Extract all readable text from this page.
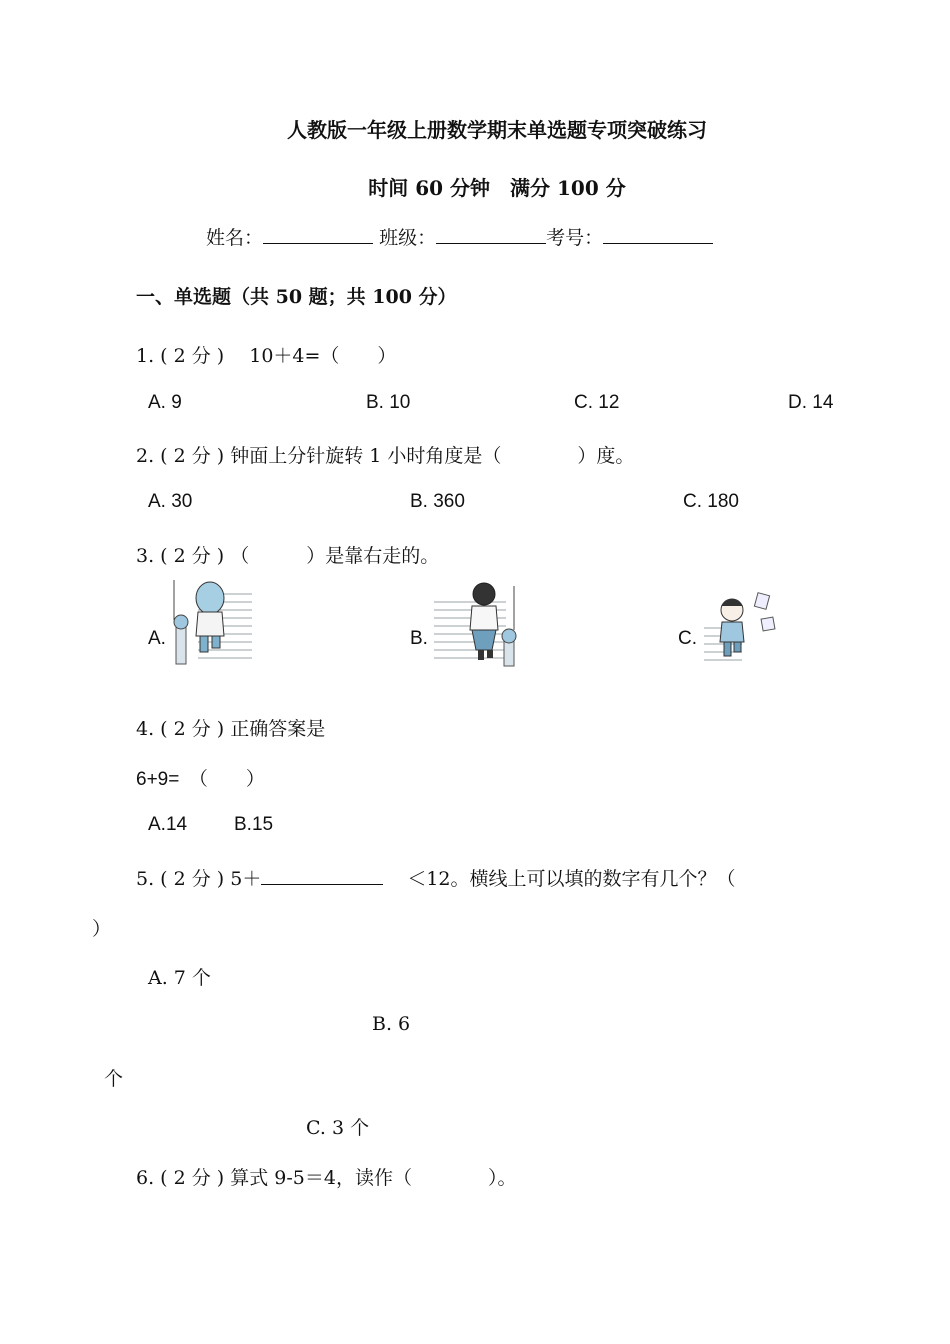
人教版一年级上册数学期末单选题专项突破练习
时间 60 分钟　满分 100 分
姓名：	班级：	考号：
一、单选题（共 50 题；共 100 分）
1. ( 2 分 )　 10＋4=（　　）
A. 9	B. 10	C. 12	D. 14
2. ( 2 分 ) 钟面上分针旋转 1 小时角度是（　　　　）度。
A. 30	B. 360	C. 180
3. ( 2 分 ) （　　　）是靠右走的。
A.	B.	C.
4. ( 2 分 ) 正确答案是
6+9=　（　　）
A.14 B.15
5. ( 2 分 ) 5＋	＜12。横线上可以填的数字有几个？（
）
A. 7 个
B. 6
个
C. 3 个
6. ( 2 分 ) 算式 9-5＝4，读作（　　　　）。
